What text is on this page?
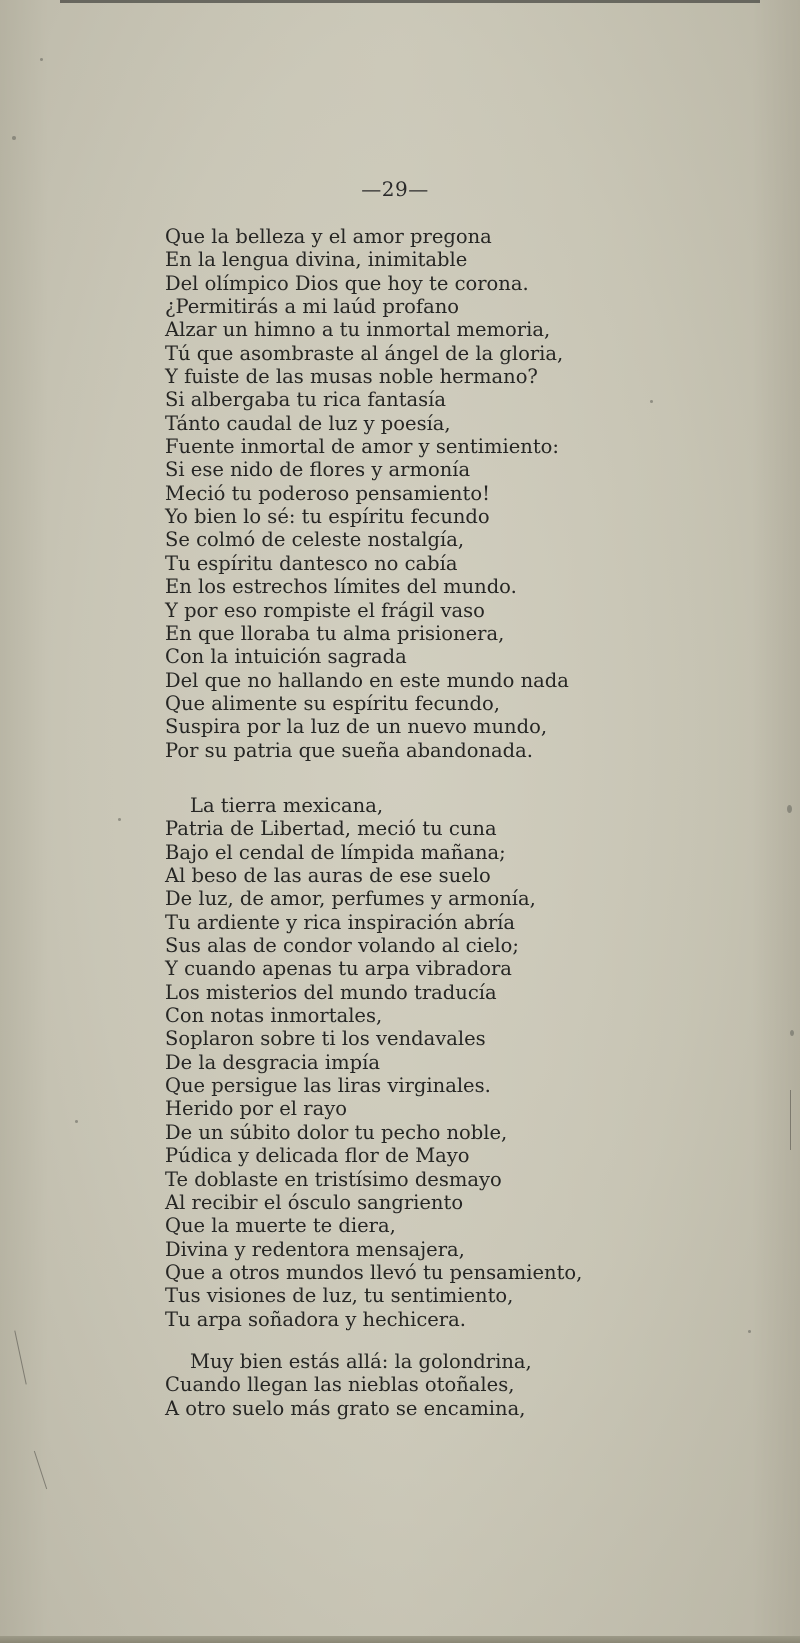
—29—
Que la belleza y el amor pregona
En la lengua divina, inimitable
Del olímpico Dios que hoy te corona.
¿Permitirás a mi laúd profano
Alzar un himno a tu inmortal memoria,
Tú que asombraste al ángel de la gloria,
Y fuiste de las musas noble hermano?
Si albergaba tu rica fantasía
Tánto caudal de luz y poesía,
Fuente inmortal de amor y sentimiento:
Si ese nido de flores y armonía
Meció tu poderoso pensamiento!
Yo bien lo sé: tu espíritu fecundo
Se colmó de celeste nostalgía,
Tu espíritu dantesco no cabía
En los estrechos límites del mundo.
Y por eso rompiste el frágil vaso
En que lloraba tu alma prisionera,
Con la intuición sagrada
Del que no hallando en este mundo nada
Que alimente su espíritu fecundo,
Suspira por la luz de un nuevo mundo,
Por su patria que sueña abandonada.
La tierra mexicana,
Patria de Libertad, meció tu cuna
Bajo el cendal de límpida mañana;
Al beso de las auras de ese suelo
De luz, de amor, perfumes y armonía,
Tu ardiente y rica inspiración abría
Sus alas de condor volando al cielo;
Y cuando apenas tu arpa vibradora
Los misterios del mundo traducía
Con notas inmortales,
Soplaron sobre ti los vendavales
De la desgracia impía
Que persigue las liras virginales.
Herido por el rayo
De un súbito dolor tu pecho noble,
Púdica y delicada flor de Mayo
Te doblaste en tristísimo desmayo
Al recibir el ósculo sangriento
Que la muerte te diera,
Divina y redentora mensajera,
Que a otros mundos llevó tu pensamiento,
Tus visiones de luz, tu sentimiento,
Tu arpa soñadora y hechicera.
Muy bien estás allá: la golondrina,
Cuando llegan las nieblas otoñales,
A otro suelo más grato se encamina,
